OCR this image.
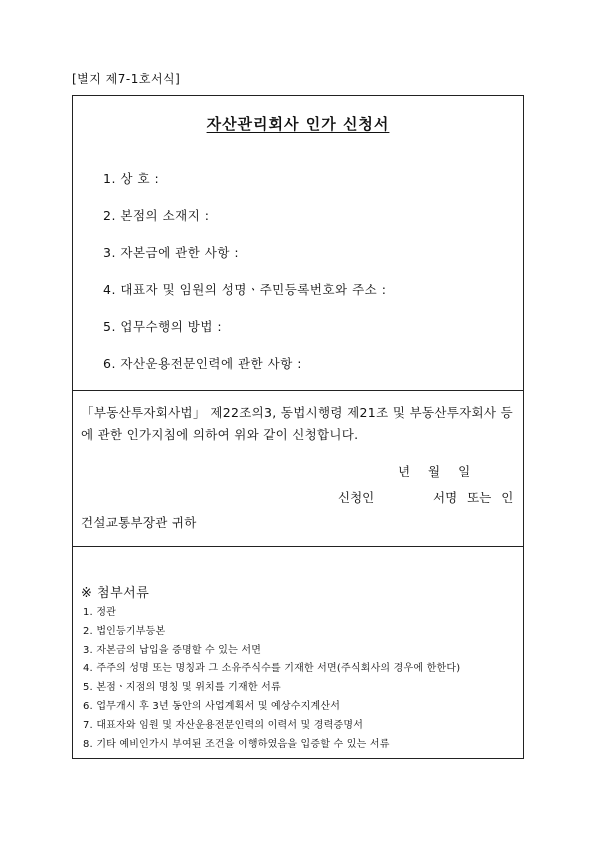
[별지 제7-1호서식]
자산관리회사 인가 신청서
1. 상 호 :
2. 본점의 소재지 :
3. 자본금에 관한 사항 :
4. 대표자 및 임원의 성명ㆍ주민등록번호와 주소 :
5. 업무수행의 방법 :
6. 자산운용전문인력에 관한 사항 :
「부동산투자회사법」 제22조의3, 동법시행령 제21조 및 부동산투자회사 등에 관한 인가지침에 의하여 위와 같이 신청합니다.
년 월 일
신청인	서명 또는 인
건설교통부장관 귀하
※ 첨부서류
1. 정관
2. 법인등기부등본
3. 자본금의 납입을 증명할 수 있는 서면
4. 주주의 성명 또는 명칭과 그 소유주식수를 기재한 서면(주식회사의 경우에 한한다)
5. 본점ㆍ지점의 명칭 및 위치를 기재한 서류
6. 업무개시 후 3년 동안의 사업계획서 및 예상수지계산서
7. 대표자와 임원 및 자산운용전문인력의 이력서 및 경력증명서
8. 기타 예비인가시 부여된 조건을 이행하였음을 입증할 수 있는 서류
